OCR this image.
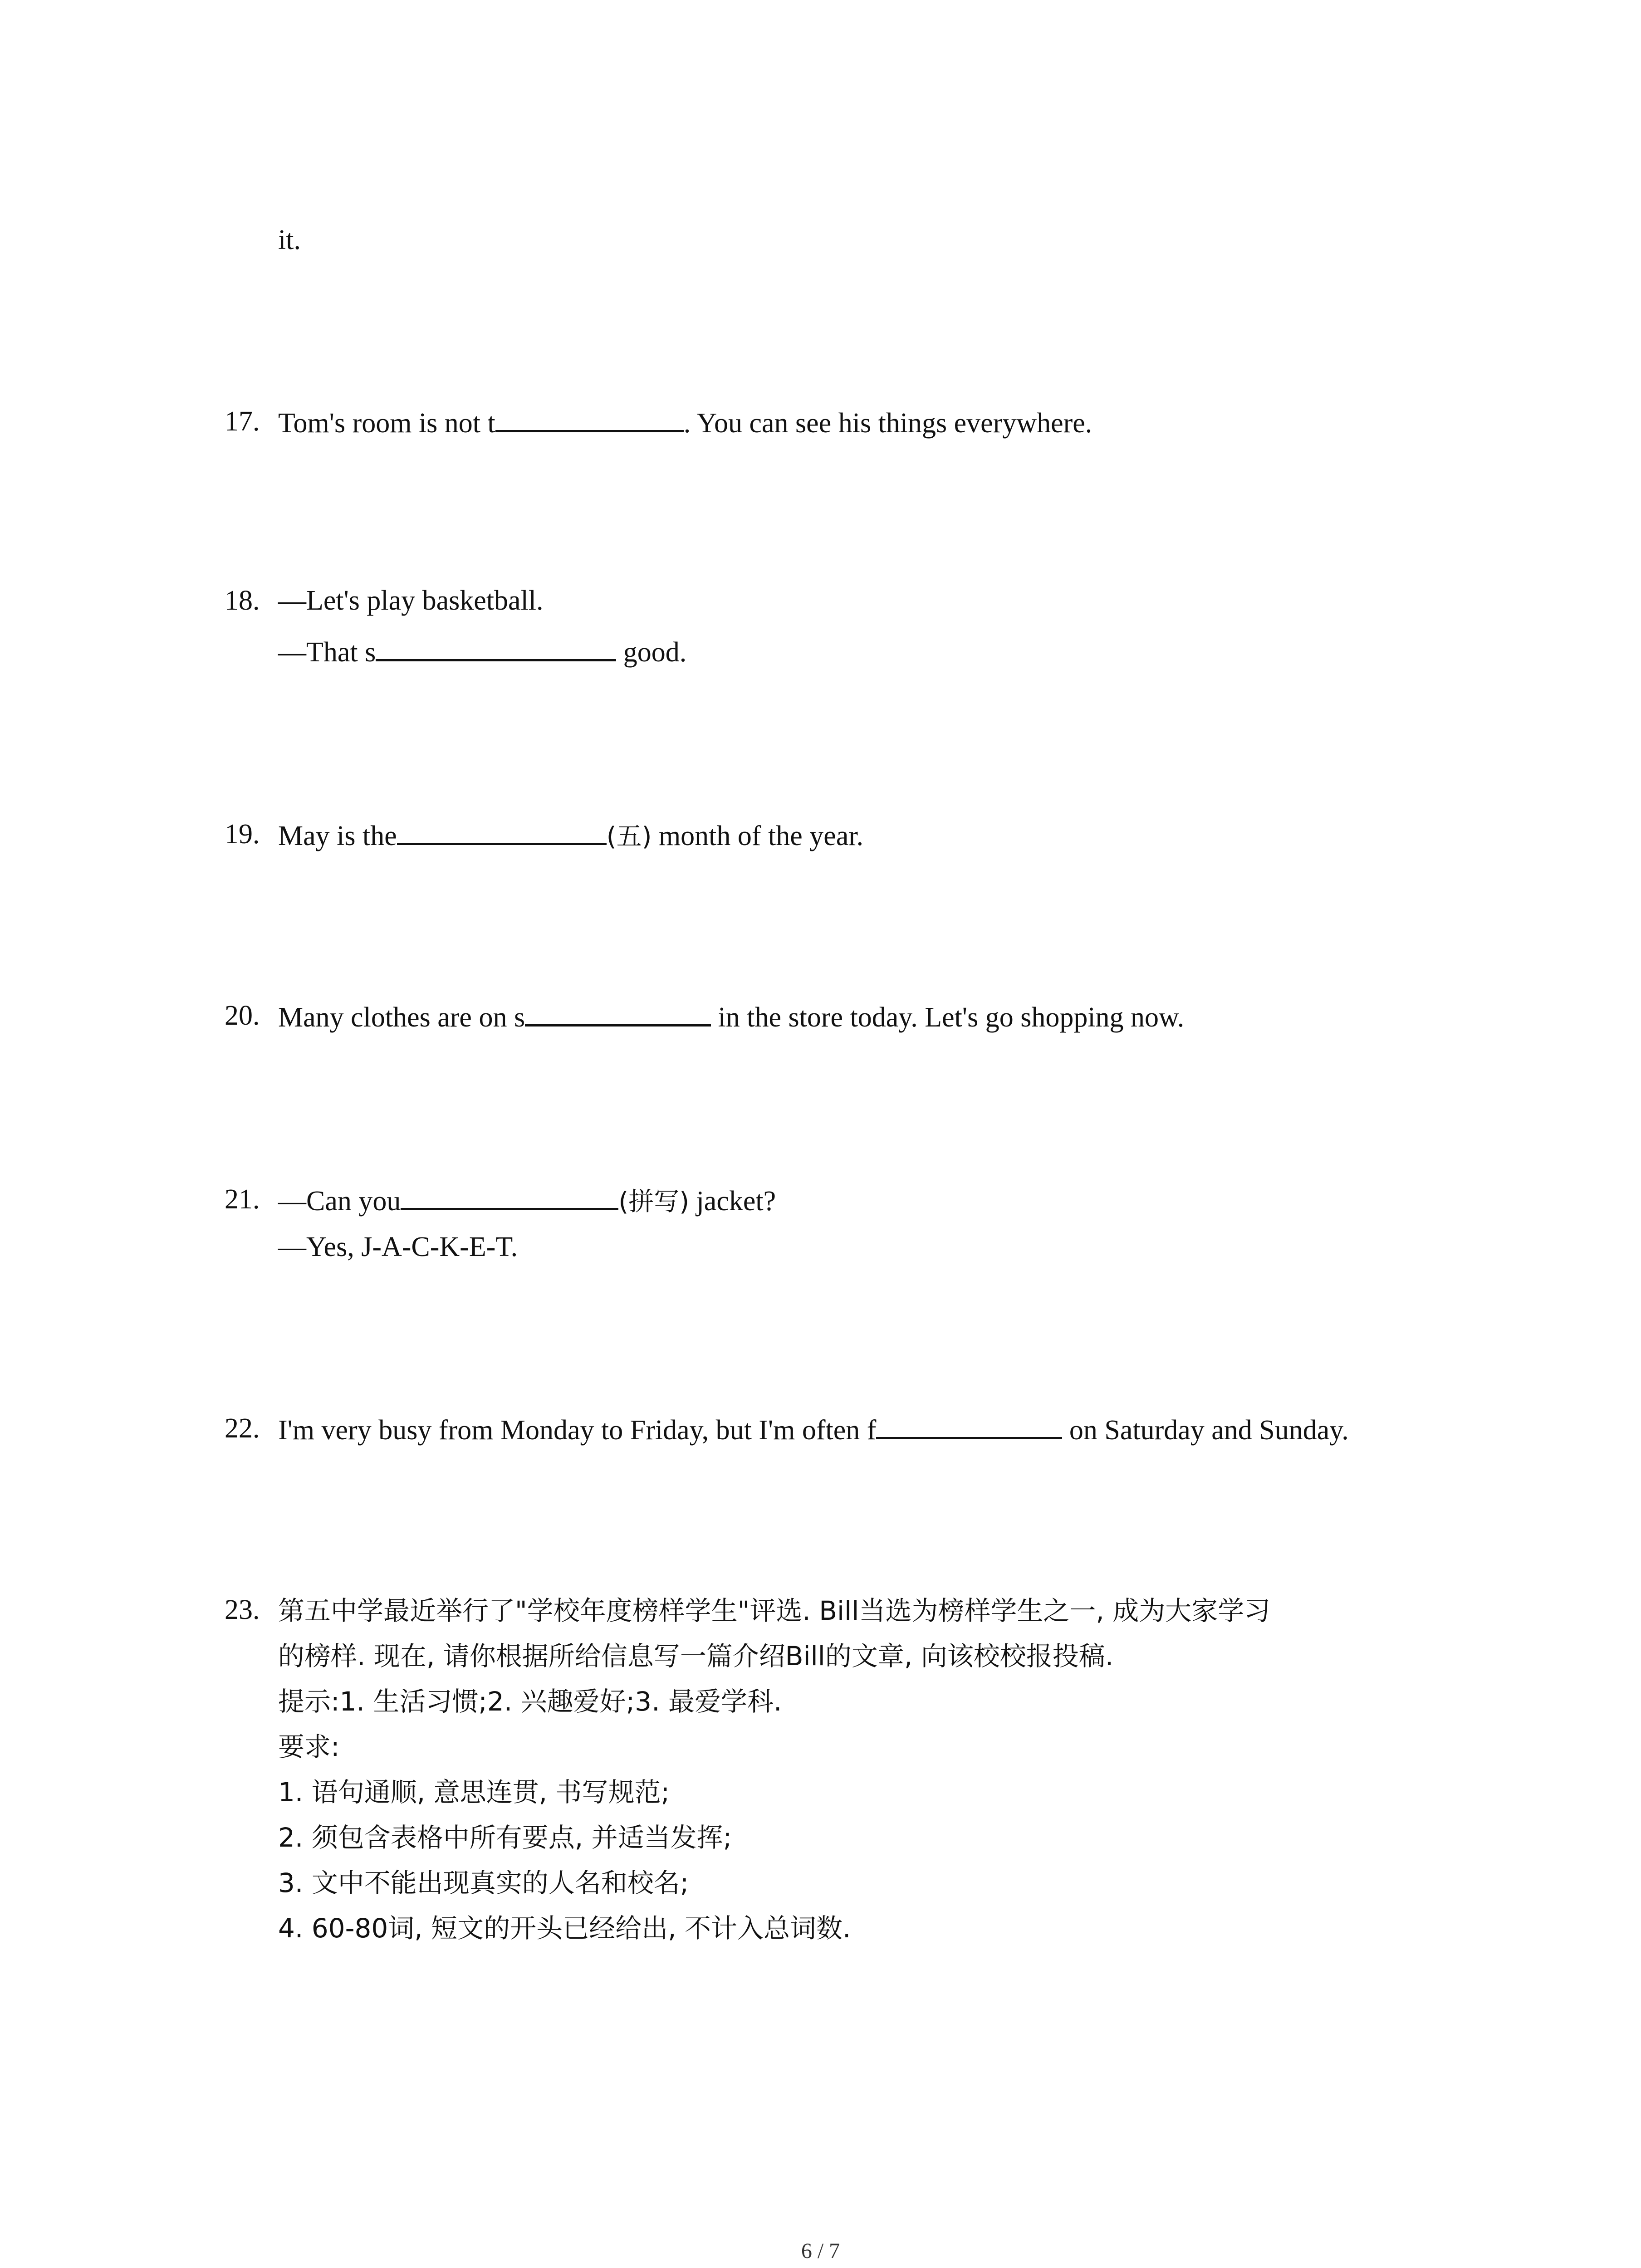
it.
17. Tom's room is not t	. You can see his things everywhere.
18. —Let's play basketball.
—That s	good.
19. May is the	(五) month of the year.
20. Many clothes are on s	in the store today. Let's go shopping now.
21. —Can you	(拼写) jacket?
—Yes, J-A-C-K-E-T.
22. I'm very busy from Monday to Friday, but I'm often f	on Saturday and Sunday.
23. 第五中学最近举行了"学校年度榜样学生"评选. Bill当选为榜样学生之一, 成为大家学习
的榜样. 现在, 请你根据所给信息写一篇介绍Bill的文章, 向该校校报投稿.
提示:1. 生活习惯;2. 兴趣爱好;3. 最爱学科.
要求:
1. 语句通顺, 意思连贯, 书写规范;
2. 须包含表格中所有要点, 并适当发挥;
3. 文中不能出现真实的人名和校名;
4. 60-80词, 短文的开头已经给出, 不计入总词数.
6 / 7
